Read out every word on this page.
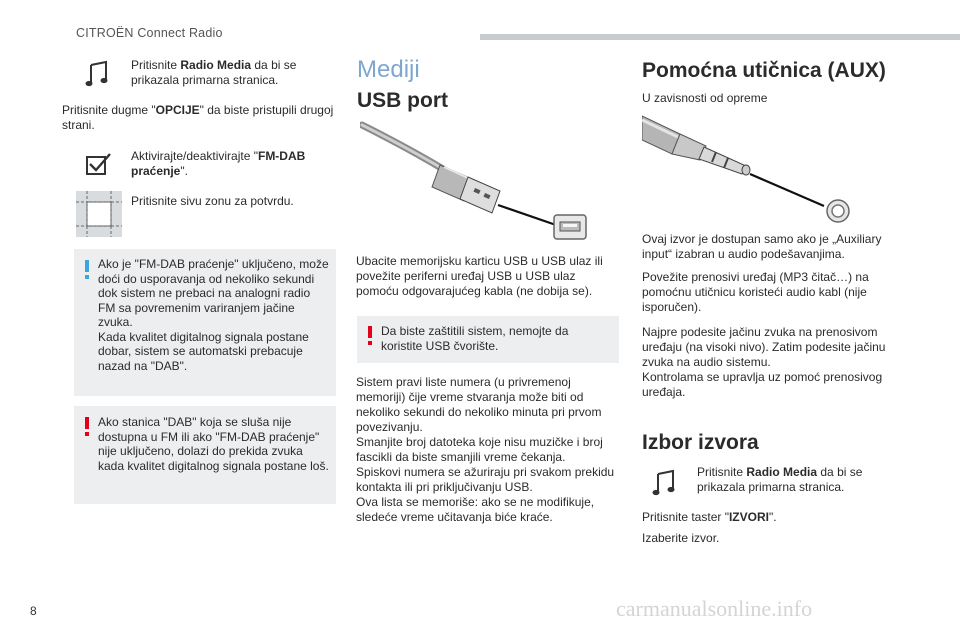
CITROËN Connect Radio
Pritisnite Radio Media da bi se prikazala primarna stranica.
Pritisnite dugme "OPCIJE" da biste pristupili drugoj strani.
Aktivirajte/deaktivirajte "FM-DAB praćenje".
Pritisnite sivu zonu za potvrdu.
Ako je "FM-DAB praćenje" uključeno, može doći do usporavanja od nekoliko sekundi dok sistem ne prebaci na analogni radio FM sa povremenim variranjem jačine zvuka.
Kada kvalitet digitalnog signala postane dobar, sistem se automatski prebacuje nazad na "DAB".
Ako stanica "DAB" koja se sluša nije dostupna u FM ili ako "FM-DAB praćenje" nije uključeno, dolazi do prekida zvuka kada kvalitet digitalnog signala postane loš.
Mediji
USB port
Ubacite memorijsku karticu USB u USB ulaz ili povežite periferni uređaj USB u USB ulaz pomoću odgovarajućeg kabla (ne dobija se).
Da biste zaštitili sistem, nemojte da koristite USB čvorište.
Sistem pravi liste numera (u privremenoj memoriji) čije vreme stvaranja može biti od nekoliko sekundi do nekoliko minuta pri prvom povezivanju.
Smanjite broj datoteka koje nisu muzičke i broj fascikli da biste smanjili vreme čekanja.
Spiskovi numera se ažuriraju pri svakom prekidu kontakta ili pri priključivanju USB.
Ova lista se memoriše: ako se ne modifikuje, sledeće vreme učitavanja biće kraće.
Pomoćna utičnica (AUX)
U zavisnosti od opreme
Ovaj izvor je dostupan samo ako je „Auxiliary input“ izabran u audio podešavanjima.
Povežite prenosivi uređaj (MP3 čitač…) na pomoćnu utičnicu koristeći audio kabl (nije isporučen).
Najpre podesite jačinu zvuka na prenosivom uređaju (na visoki nivo). Zatim podesite jačinu zvuka na audio sistemu.
Kontrolama se upravlja uz pomoć prenosivog uređaja.
Izbor izvora
Pritisnite Radio Media da bi se prikazala primarna stranica.
Pritisnite taster "IZVORI".
Izaberite izvor.
8	carmanualsonline.info
